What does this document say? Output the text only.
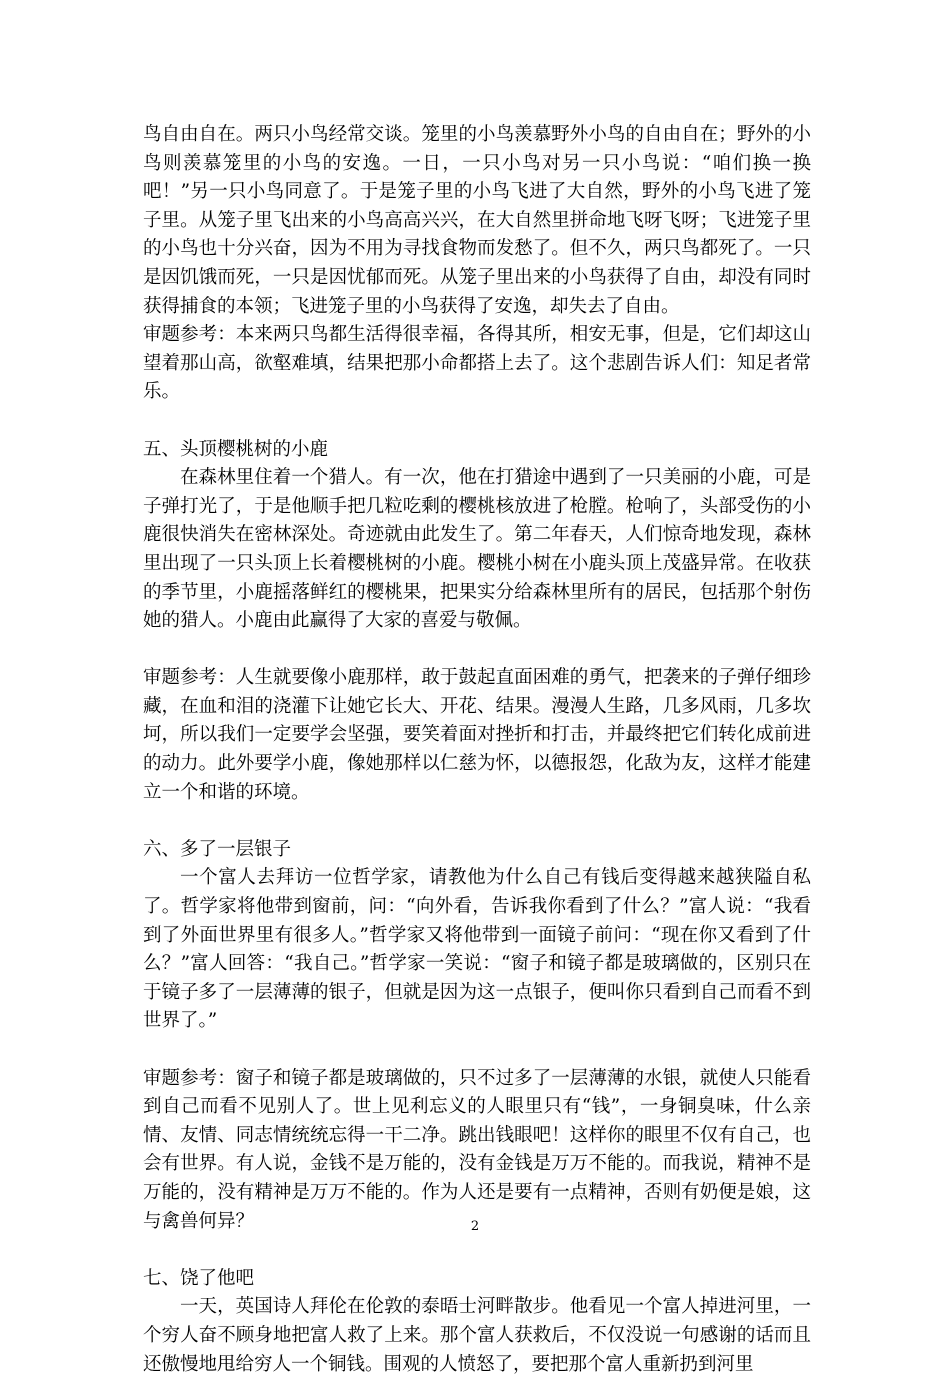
鸟自由自在。两只小鸟经常交谈。笼里的小鸟羡慕野外小鸟的自由自在；野外的小鸟则羡慕笼里的小鸟的安逸。一日，一只小鸟对另一只小鸟说：“咱们换一换吧！”另一只小鸟同意了。于是笼子里的小鸟飞进了大自然，野外的小鸟飞进了笼子里。从笼子里飞出来的小鸟高高兴兴，在大自然里拼命地飞呀飞呀；飞进笼子里的小鸟也十分兴奋，因为不用为寻找食物而发愁了。但不久，两只鸟都死了。一只是因饥饿而死，一只是因忧郁而死。从笼子里出来的小鸟获得了自由，却没有同时获得捕食的本领；飞进笼子里的小鸟获得了安逸，却失去了自由。

审题参考：本来两只鸟都生活得很幸福，各得其所，相安无事，但是，它们却这山望着那山高，欲壑难填，结果把那小命都搭上去了。这个悲剧告诉人们：知足者常乐。

五、头顶樱桃树的小鹿

在森林里住着一个猎人。有一次，他在打猎途中遇到了一只美丽的小鹿，可是子弹打光了，于是他顺手把几粒吃剩的樱桃核放进了枪膛。枪响了，头部受伤的小鹿很快消失在密林深处。奇迹就由此发生了。第二年春天，人们惊奇地发现，森林里出现了一只头顶上长着樱桃树的小鹿。樱桃小树在小鹿头顶上茂盛异常。在收获的季节里，小鹿摇落鲜红的樱桃果，把果实分给森林里所有的居民，包括那个射伤她的猎人。小鹿由此赢得了大家的喜爱与敬佩。

审题参考：人生就要像小鹿那样，敢于鼓起直面困难的勇气，把袭来的子弹仔细珍藏，在血和泪的浇灌下让她它长大、开花、结果。漫漫人生路，几多风雨，几多坎坷，所以我们一定要学会坚强，要笑着面对挫折和打击，并最终把它们转化成前进的动力。此外要学小鹿，像她那样以仁慈为怀，以德报怨，化敌为友，这样才能建立一个和谐的环境。

六、多了一层银子

一个富人去拜访一位哲学家，请教他为什么自己有钱后变得越来越狭隘自私了。哲学家将他带到窗前，问：“向外看，告诉我你看到了什么？”富人说：“我看到了外面世界里有很多人。”哲学家又将他带到一面镜子前问：“现在你又看到了什么？”富人回答：“我自己。”哲学家一笑说：“窗子和镜子都是玻璃做的，区别只在于镜子多了一层薄薄的银子，但就是因为这一点银子，便叫你只看到自己而看不到世界了。”

审题参考：窗子和镜子都是玻璃做的，只不过多了一层薄薄的水银，就使人只能看到自己而看不见别人了。世上见利忘义的人眼里只有“钱”，一身铜臭味，什么亲情、友情、同志情统统忘得一干二净。跳出钱眼吧！这样你的眼里不仅有自己，也会有世界。有人说，金钱不是万能的，没有金钱是万万不能的。而我说，精神不是万能的，没有精神是万万不能的。作为人还是要有一点精神，否则有奶便是娘，这与禽兽何异？

七、饶了他吧

一天，英国诗人拜伦在伦敦的泰晤士河畔散步。他看见一个富人掉进河里，一个穷人奋不顾身地把富人救了上来。那个富人获救后，不仅没说一句感谢的话而且还傲慢地甩给穷人一个铜钱。围观的人愤怒了，要把那个富人重新扔到河里

2
